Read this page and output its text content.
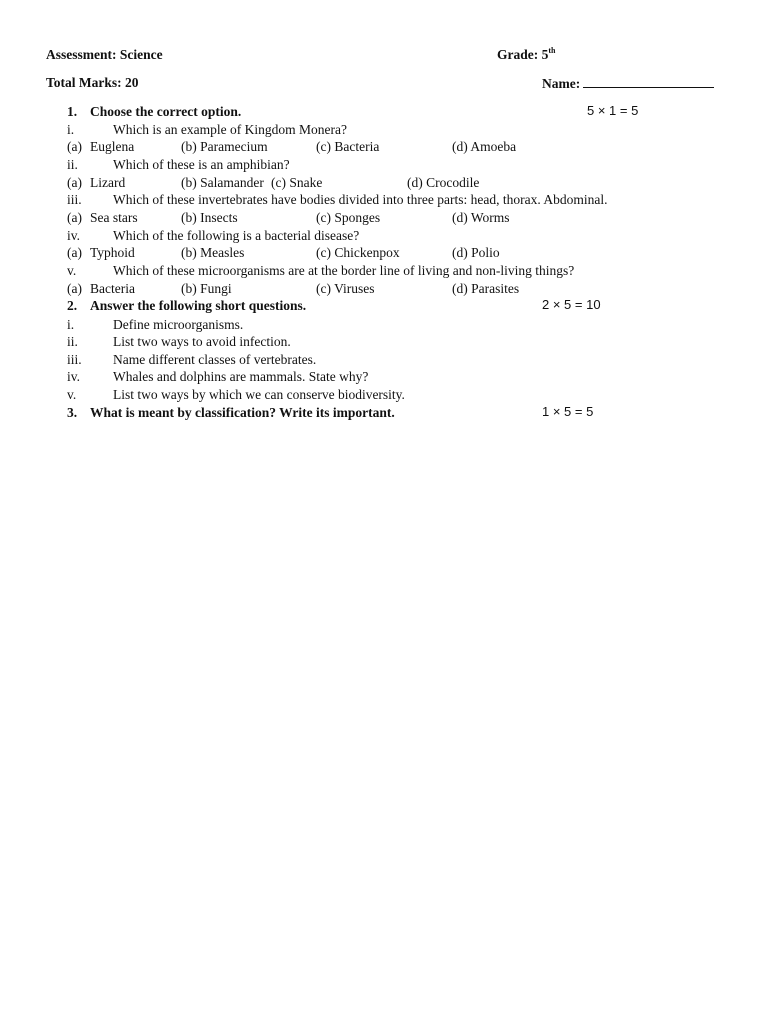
Assessment: Science	Grade: 5th
Total Marks: 20	Name:
1. Choose the correct option.	5 × 1 = 5
i.	Which is an example of Kingdom Monera?
(a) Euglena	(b) Paramecium	(c) Bacteria	(d) Amoeba
ii.	Which of these is an amphibian?
(a) Lizard	(b) Salamander (c) Snake	(d) Crocodile
iii. Which of these invertebrates have bodies divided into three parts: head, thorax. Abdominal.
(a) Sea stars	(b) Insects	(c) Sponges	(d) Worms
iv. Which of the following is a bacterial disease?
(a) Typhoid	(b) Measles	(c) Chickenpox	(d) Polio
v.	Which of these microorganisms are at the border line of living and non-living things?
(a) Bacteria	(b) Fungi	(c) Viruses	(d) Parasites
2. Answer the following short questions.	2 × 5 = 10
i.	Define microorganisms.
ii.	List two ways to avoid infection.
iii. Name different classes of vertebrates.
iv. Whales and dolphins are mammals. State why?
v.	List two ways by which we can conserve biodiversity.
3. What is meant by classification? Write its important.	1 × 5 = 5
